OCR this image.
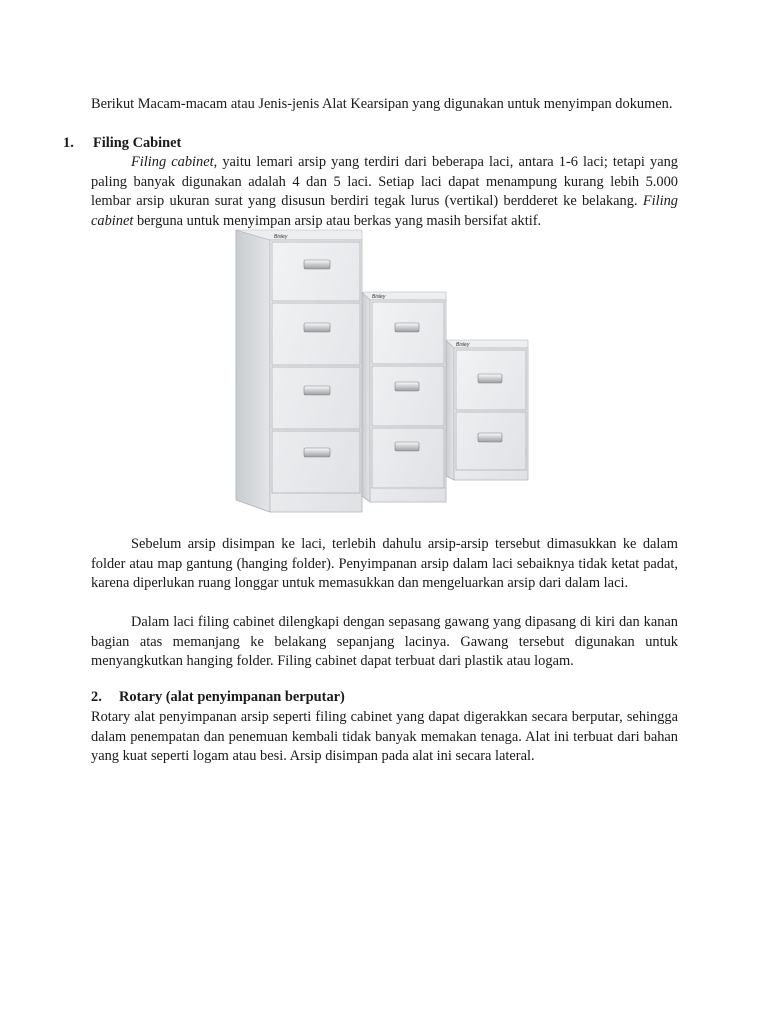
Berikut Macam-macam atau Jenis-jenis Alat Kearsipan yang digunakan untuk menyimpan dokumen.

1. Filing Cabinet

Filing cabinet, yaitu lemari arsip yang terdiri dari beberapa laci, antara 1-6 laci; tetapi yang paling banyak digunakan adalah 4 dan 5 laci. Setiap laci dapat menampung kurang lebih 5.000 lembar arsip ukuran surat yang disusun berdiri tegak lurus (vertikal) berdderet ke belakang. Filing cabinet berguna untuk menyimpan arsip atau berkas yang masih bersifat aktif.

Bisley
Bisley
Bisley

Sebelum arsip disimpan ke laci, terlebih dahulu arsip-arsip tersebut dimasukkan ke dalam folder atau map gantung (hanging folder). Penyimpanan arsip dalam laci sebaiknya tidak ketat padat, karena diperlukan ruang longgar untuk memasukkan dan mengeluarkan arsip dari dalam laci.

Dalam laci filing cabinet dilengkapi dengan sepasang gawang yang dipasang di kiri dan kanan bagian atas memanjang ke belakang sepanjang lacinya. Gawang tersebut digunakan untuk menyangkutkan hanging folder. Filing cabinet dapat terbuat dari plastik atau logam.

2. Rotary (alat penyimpanan berputar)

Rotary alat penyimpanan arsip seperti filing cabinet yang dapat digerakkan secara berputar, sehingga dalam penempatan dan penemuan kembali tidak banyak memakan tenaga. Alat ini terbuat dari bahan yang kuat seperti logam atau besi. Arsip disimpan pada alat ini secara lateral.
